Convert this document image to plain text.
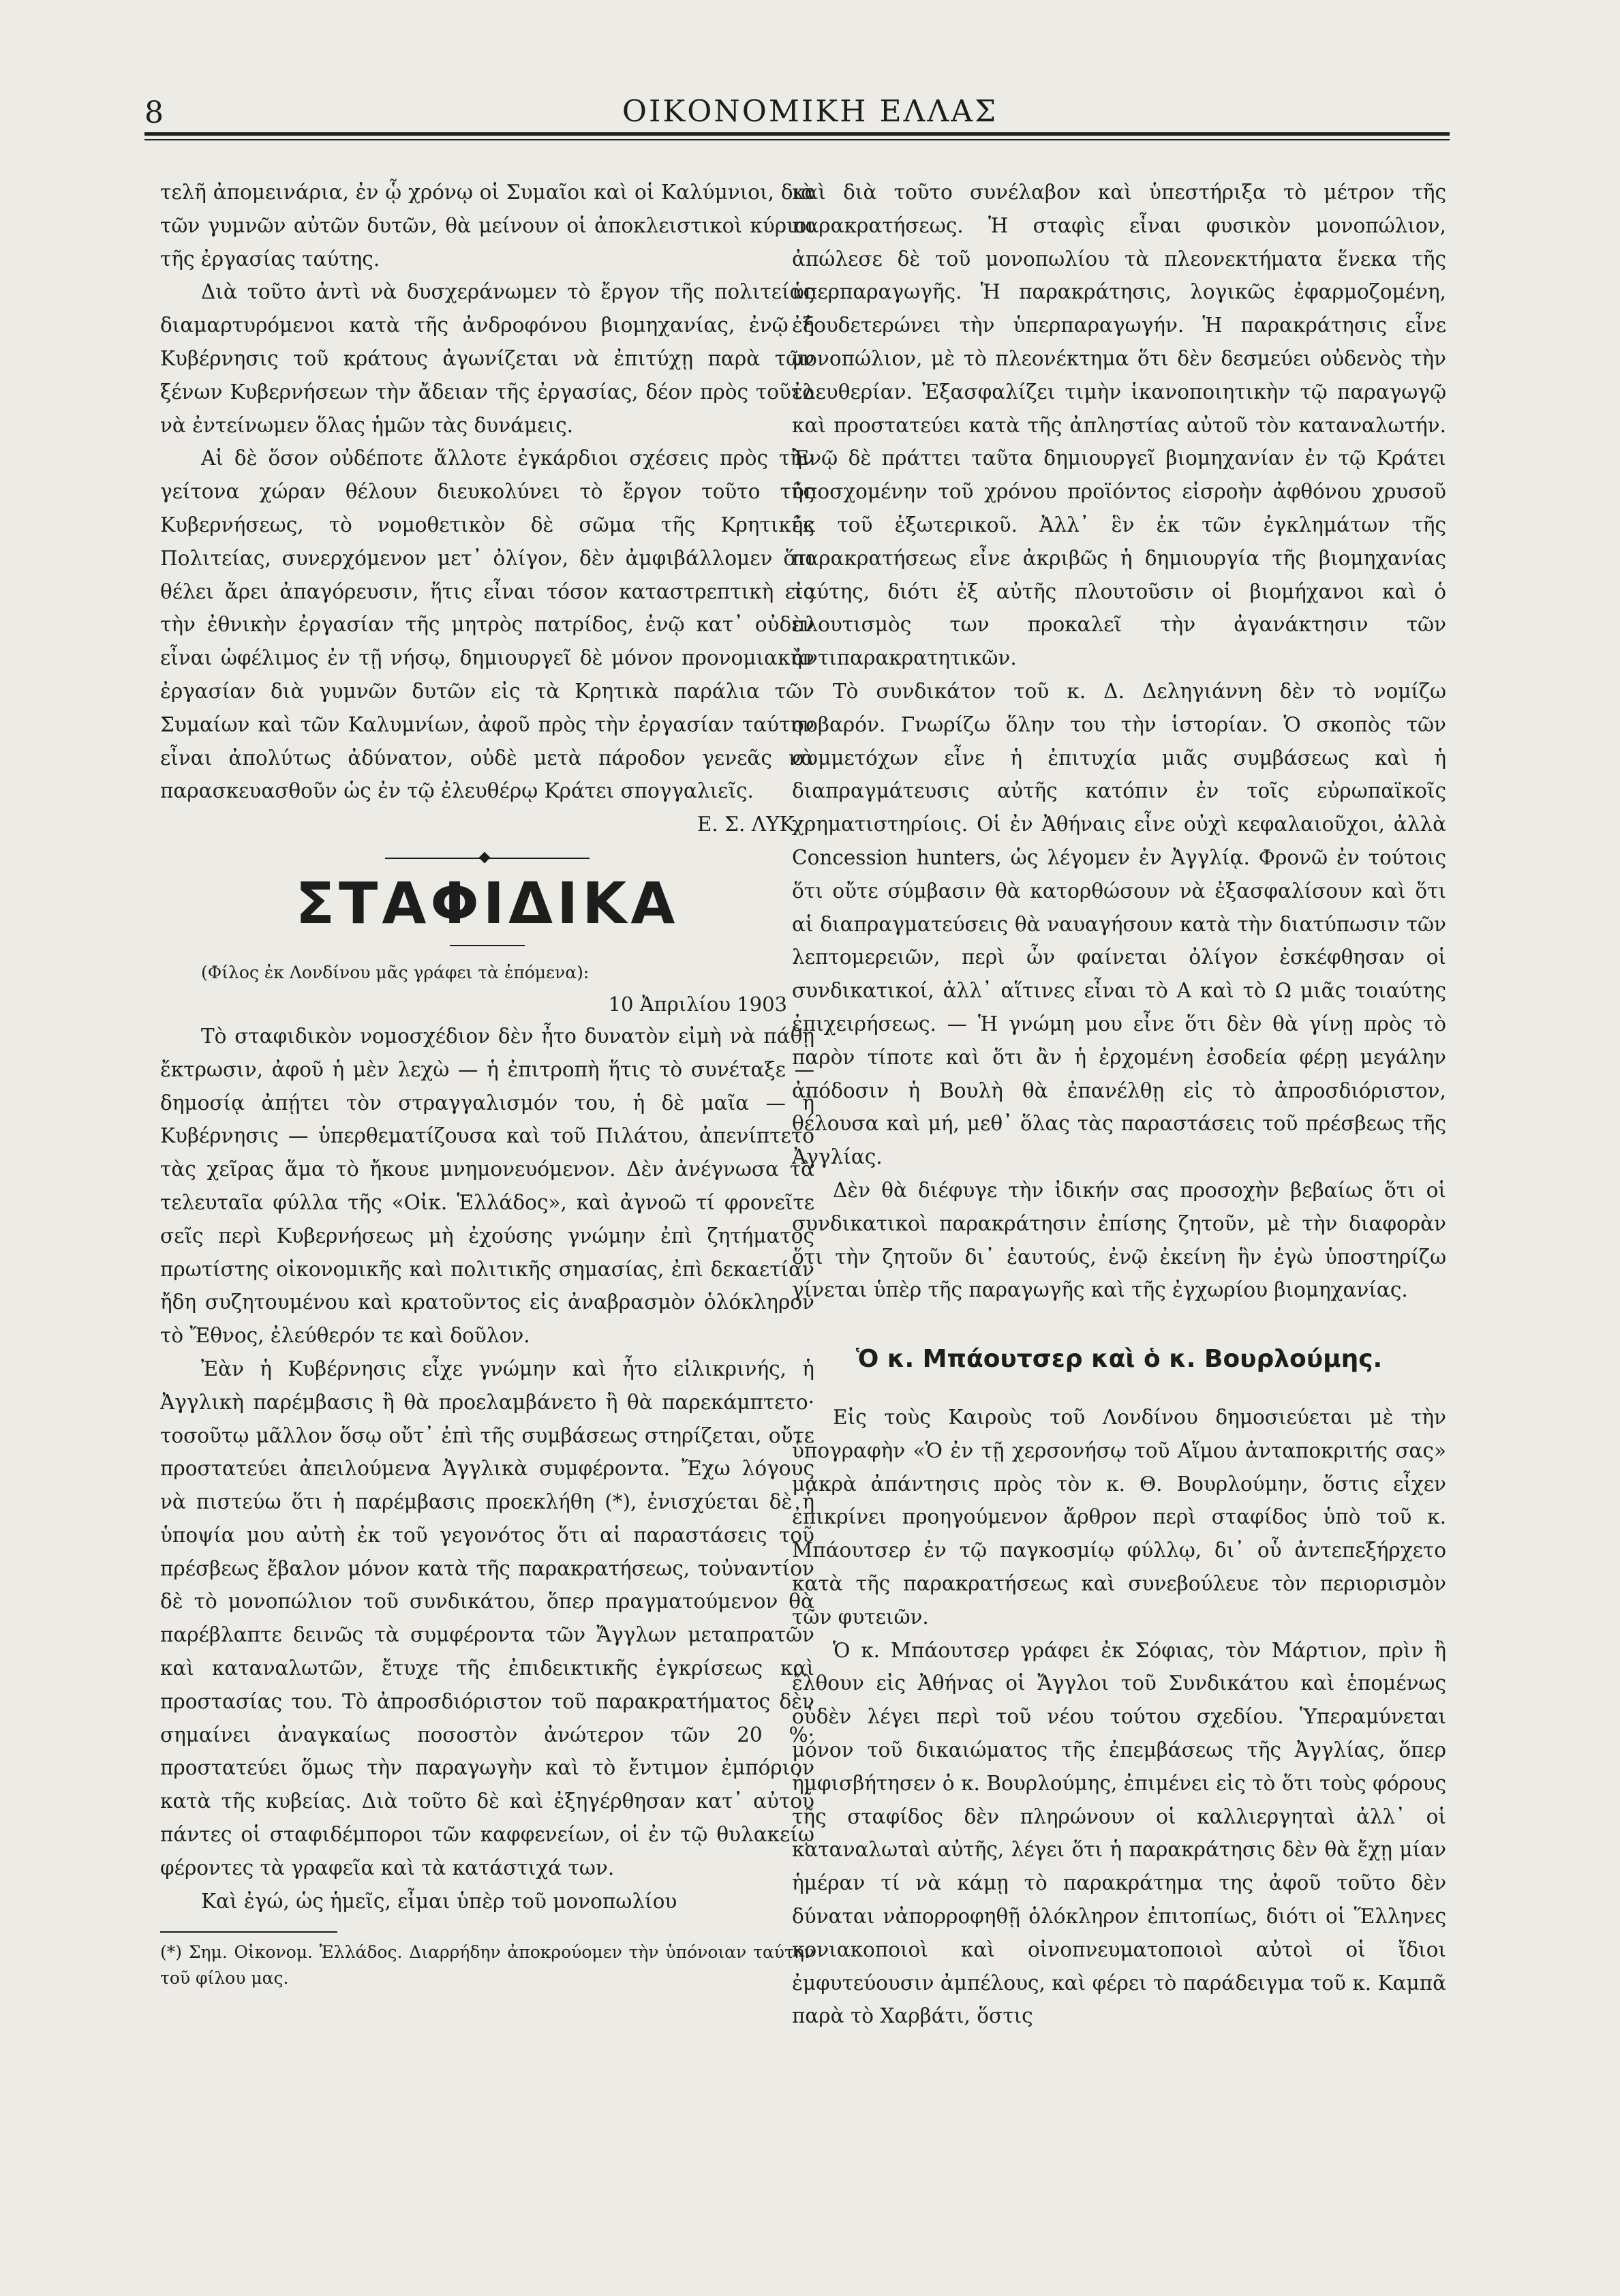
8	ΟΙΚΟΝΟΜΙΚΗ ΕΛΛΑΣ

τελῆ ἀπομεινάρια, ἐν ᾧ χρόνῳ οἱ Συμαῖοι καὶ οἱ Καλύμνιοι, διὰ τῶν γυμνῶν αὐτῶν δυτῶν, θὰ μείνουν οἱ ἀποκλειστικοὶ κύριοι τῆς ἐργασίας ταύτης.

Διὰ τοῦτο ἀντὶ νὰ δυσχεράνωμεν τὸ ἔργον τῆς πολιτείας διαμαρτυρόμενοι κατὰ τῆς ἀνδροφόνου βιομηχανίας, ἐνῷ ἡ Κυβέρνησις τοῦ κράτους ἀγωνίζεται νὰ ἐπιτύχῃ παρὰ τῶν ξένων Κυβερνήσεων τὴν ἄδειαν τῆς ἐργασίας, δέον πρὸς τοῦτο νὰ ἐντείνωμεν ὅλας ἡμῶν τὰς δυνάμεις.

Αἱ δὲ ὅσον οὐδέποτε ἄλλοτε ἐγκάρδιοι σχέσεις πρὸς τὴν γείτονα χώραν θέλουν διευκολύνει τὸ ἔργον τοῦτο τῆς Κυβερνήσεως, τὸ νομοθετικὸν δὲ σῶμα τῆς Κρητικῆς Πολιτείας, συνερχόμενον μετ᾽ ὀλίγον, δὲν ἀμφιβάλλομεν ὅτι θέλει ἄρει ἀπαγόρευσιν, ἥτις εἶναι τόσον καταστρεπτικὴ εἰς τὴν ἐθνικὴν ἐργασίαν τῆς μητρὸς πατρίδος, ἐνῷ κατ᾽ οὐδὲν εἶναι ὠφέλιμος ἐν τῇ νήσῳ, δημιουργεῖ δὲ μόνον προνομιακὴν ἐργασίαν διὰ γυμνῶν δυτῶν εἰς τὰ Κρητικὰ παράλια τῶν Συμαίων καὶ τῶν Καλυμνίων, ἀφοῦ πρὸς τὴν ἐργασίαν ταύτην εἶναι ἀπολύτως ἀδύνατον, οὐδὲ μετὰ πάροδον γενεᾶς νὰ παρασκευασθοῦν ὡς ἐν τῷ ἐλευθέρῳ Κράτει σπογγαλιεῖς.

Ε. Σ. ΛΥΚ.

ΣΤΑΦΙΔΙΚΑ

(Φίλος ἐκ Λονδίνου μᾶς γράφει τὰ ἑπόμενα):

10 Ἀπριλίου 1903

Τὸ σταφιδικὸν νομοσχέδιον δὲν ἦτο δυνατὸν εἰμὴ νὰ πάθῃ ἔκτρωσιν, ἀφοῦ ἡ μὲν λεχὼ — ἡ ἐπιτροπὴ ἥτις τὸ συνέταξε — δημοσίᾳ ἀπῄτει τὸν στραγγαλισμόν του, ἡ δὲ μαῖα — ἡ Κυβέρνησις — ὑπερθεματίζουσα καὶ τοῦ Πιλάτου, ἀπενίπτετο τὰς χεῖρας ἅμα τὸ ἤκουε μνημονευόμενον. Δὲν ἀνέγνωσα τὰ τελευταῖα φύλλα τῆς «Οἰκ. Ἑλλάδος», καὶ ἀγνοῶ τί φρονεῖτε σεῖς περὶ Κυβερνήσεως μὴ ἐχούσης γνώμην ἐπὶ ζητήματος πρωτίστης οἰκονομικῆς καὶ πολιτικῆς σημασίας, ἐπὶ δεκαετίαν ἤδη συζητουμένου καὶ κρατοῦντος εἰς ἀναβρασμὸν ὁλόκληρον τὸ Ἔθνος, ἐλεύθερόν τε καὶ δοῦλον.

Ἐὰν ἡ Κυβέρνησις εἶχε γνώμην καὶ ἦτο εἰλικρινής, ἡ Ἀγγλικὴ παρέμβασις ἢ θὰ προελαμβάνετο ἢ θὰ παρεκάμπτετο· τοσοῦτῳ μᾶλλον ὅσῳ οὔτ᾽ ἐπὶ τῆς συμβάσεως στηρίζεται, οὔτε προστατεύει ἀπειλούμενα Ἀγγλικὰ συμφέροντα. Ἔχω λόγους νὰ πιστεύω ὅτι ἡ παρέμβασις προεκλήθη (*), ἐνισχύεται δὲ ἡ ὑποψία μου αὐτὴ ἐκ τοῦ γεγονότος ὅτι αἱ παραστάσεις τοῦ πρέσβεως ἔβαλον μόνον κατὰ τῆς παρακρατήσεως, τοὐναντίον δὲ τὸ μονοπώλιον τοῦ συνδικάτου, ὅπερ πραγματούμενον θὰ παρέβλαπτε δεινῶς τὰ συμφέροντα τῶν Ἄγγλων μεταπρατῶν καὶ καταναλωτῶν, ἔτυχε τῆς ἐπιδεικτικῆς ἐγκρίσεως καὶ προστασίας του. Τὸ ἀπροσδιόριστον τοῦ παρακρατήματος δὲν σημαίνει ἀναγκαίως ποσοστὸν ἀνώτερον τῶν 20 %· προστατεύει ὅμως τὴν παραγωγὴν καὶ τὸ ἔντιμον ἐμπόριον κατὰ τῆς κυβείας. Διὰ τοῦτο δὲ καὶ ἐξηγέρθησαν κατ᾽ αὐτοῦ πάντες οἱ σταφιδέμποροι τῶν καφφενείων, οἱ ἐν τῷ θυλακείῳ φέροντες τὰ γραφεῖα καὶ τὰ κατάστιχά των.

Καὶ ἐγώ, ὡς ἡμεῖς, εἶμαι ὑπὲρ τοῦ μονοπωλίου

(*) Σημ. Οἰκονομ. Ἑλλάδος. Διαρρήδην ἀποκρούομεν τὴν ὑπόνοιαν ταύτην τοῦ φίλου μας.

καὶ διὰ τοῦτο συνέλαβον καὶ ὑπεστήριξα τὸ μέτρον τῆς παρακρατήσεως. Ἡ σταφὶς εἶναι φυσικὸν μονοπώλιον, ἀπώλεσε δὲ τοῦ μονοπωλίου τὰ πλεονεκτήματα ἕνεκα τῆς ὑπερπαραγωγῆς. Ἡ παρακράτησις, λογικῶς ἐφαρμοζομένη, ἐξουδετερώνει τὴν ὑπερπαραγωγήν. Ἡ παρακράτησις εἶνε μονοπώλιον, μὲ τὸ πλεονέκτημα ὅτι δὲν δεσμεύει οὐδενὸς τὴν ἐλευθερίαν. Ἐξασφαλίζει τιμὴν ἱκανοποιητικὴν τῷ παραγωγῷ καὶ προστατεύει κατὰ τῆς ἀπληστίας αὐτοῦ τὸν καταναλωτήν. Ἐνῷ δὲ πράττει ταῦτα δημιουργεῖ βιομηχανίαν ἐν τῷ Κράτει ὑποσχομένην τοῦ χρόνου προϊόντος εἰσροὴν ἀφθόνου χρυσοῦ ἐκ τοῦ ἐξωτερικοῦ. Ἀλλ᾽ ἓν ἐκ τῶν ἐγκλημάτων τῆς παρακρατήσεως εἶνε ἀκριβῶς ἡ δημιουργία τῆς βιομηχανίας ταύτης, διότι ἐξ αὐτῆς πλουτοῦσιν οἱ βιομήχανοι καὶ ὁ πλουτισμὸς των προκαλεῖ τὴν ἀγανάκτησιν τῶν ἀντιπαρακρατητικῶν.

Τὸ συνδικάτον τοῦ κ. Δ. Δεληγιάννη δὲν τὸ νομίζω σοβαρόν. Γνωρίζω ὅλην του τὴν ἱστορίαν. Ὁ σκοπὸς τῶν συμμετόχων εἶνε ἡ ἐπιτυχία μιᾶς συμβάσεως καὶ ἡ διαπραγμάτευσις αὐτῆς κατόπιν ἐν τοῖς εὐρωπαϊκοῖς χρηματιστηρίοις. Οἱ ἐν Ἀθήναις εἶνε οὐχὶ κεφαλαιοῦχοι, ἀλλὰ Concession hunters, ὡς λέγομεν ἐν Ἀγγλίᾳ. Φρονῶ ἐν τούτοις ὅτι οὔτε σύμβασιν θὰ κατορθώσουν νὰ ἐξασφαλίσουν καὶ ὅτι αἱ διαπραγματεύσεις θὰ ναυαγήσουν κατὰ τὴν διατύπωσιν τῶν λεπτομερειῶν, περὶ ὧν φαίνεται ὀλίγον ἐσκέφθησαν οἱ συνδικατικοί, ἀλλ᾽ αἵτινες εἶναι τὸ Α καὶ τὸ Ω μιᾶς τοιαύτης ἐπιχειρήσεως. — Ἡ γνώμη μου εἶνε ὅτι δὲν θὰ γίνῃ πρὸς τὸ παρὸν τίποτε καὶ ὅτι ἂν ἡ ἐρχομένη ἐσοδεία φέρῃ μεγάλην ἀπόδοσιν ἡ Βουλὴ θὰ ἐπανέλθῃ εἰς τὸ ἀπροσδιόριστον, θέλουσα καὶ μή, μεθ᾽ ὅλας τὰς παραστάσεις τοῦ πρέσβεως τῆς Ἀγγλίας.

Δὲν θὰ διέφυγε τὴν ἰδικήν σας προσοχὴν βεβαίως ὅτι οἱ συνδικατικοὶ παρακράτησιν ἐπίσης ζητοῦν, μὲ τὴν διαφορὰν ὅτι τὴν ζητοῦν δι᾽ ἑαυτούς, ἐνῷ ἐκείνη ἣν ἐγὼ ὑποστηρίζω γίνεται ὑπὲρ τῆς παραγωγῆς καὶ τῆς ἐγχωρίου βιομηχανίας.

Ὁ κ. Μπάουτσερ καὶ ὁ κ. Βουρλούμης.

Εἰς τοὺς Καιροὺς τοῦ Λονδίνου δημοσιεύεται μὲ τὴν ὑπογραφὴν «Ὁ ἐν τῇ χερσονήσῳ τοῦ Αἵμου ἀνταποκριτής σας» μακρὰ ἀπάντησις πρὸς τὸν κ. Θ. Βουρλούμην, ὅστις εἶχεν ἐπικρίνει προηγούμενον ἄρθρον περὶ σταφίδος ὑπὸ τοῦ κ. Μπάουτσερ ἐν τῷ παγκοσμίῳ φύλλῳ, δι᾽ οὗ ἀντεπεξήρχετο κατὰ τῆς παρακρατήσεως καὶ συνεβούλευε τὸν περιορισμὸν τῶν φυτειῶν.

Ὁ κ. Μπάουτσερ γράφει ἐκ Σόφιας, τὸν Μάρτιον, πρὶν ἢ ἔλθουν εἰς Ἀθήνας οἱ Ἄγγλοι τοῦ Συνδικάτου καὶ ἑπομένως οὐδὲν λέγει περὶ τοῦ νέου τούτου σχεδίου. Ὑπεραμύνεται μόνον τοῦ δικαιώματος τῆς ἐπεμβάσεως τῆς Ἀγγλίας, ὅπερ ἠμφισβήτησεν ὁ κ. Βουρλούμης, ἐπιμένει εἰς τὸ ὅτι τοὺς φόρους τῆς σταφίδος δὲν πληρώνουν οἱ καλλιεργηταὶ ἀλλ᾽ οἱ καταναλωταὶ αὐτῆς, λέγει ὅτι ἡ παρακράτησις δὲν θὰ ἔχῃ μίαν ἡμέραν τί νὰ κάμῃ τὸ παρακράτημα της ἀφοῦ τοῦτο δὲν δύναται νἀπορροφηθῇ ὁλόκληρον ἐπιτοπίως, διότι οἱ Ἕλληνες κονιακοποιοὶ καὶ οἰνοπνευματοποιοὶ αὐτοὶ οἱ ἴδιοι ἐμφυτεύουσιν ἀμπέλους, καὶ φέρει τὸ παράδειγμα τοῦ κ. Καμπᾶ παρὰ τὸ Χαρβάτι, ὅστις
